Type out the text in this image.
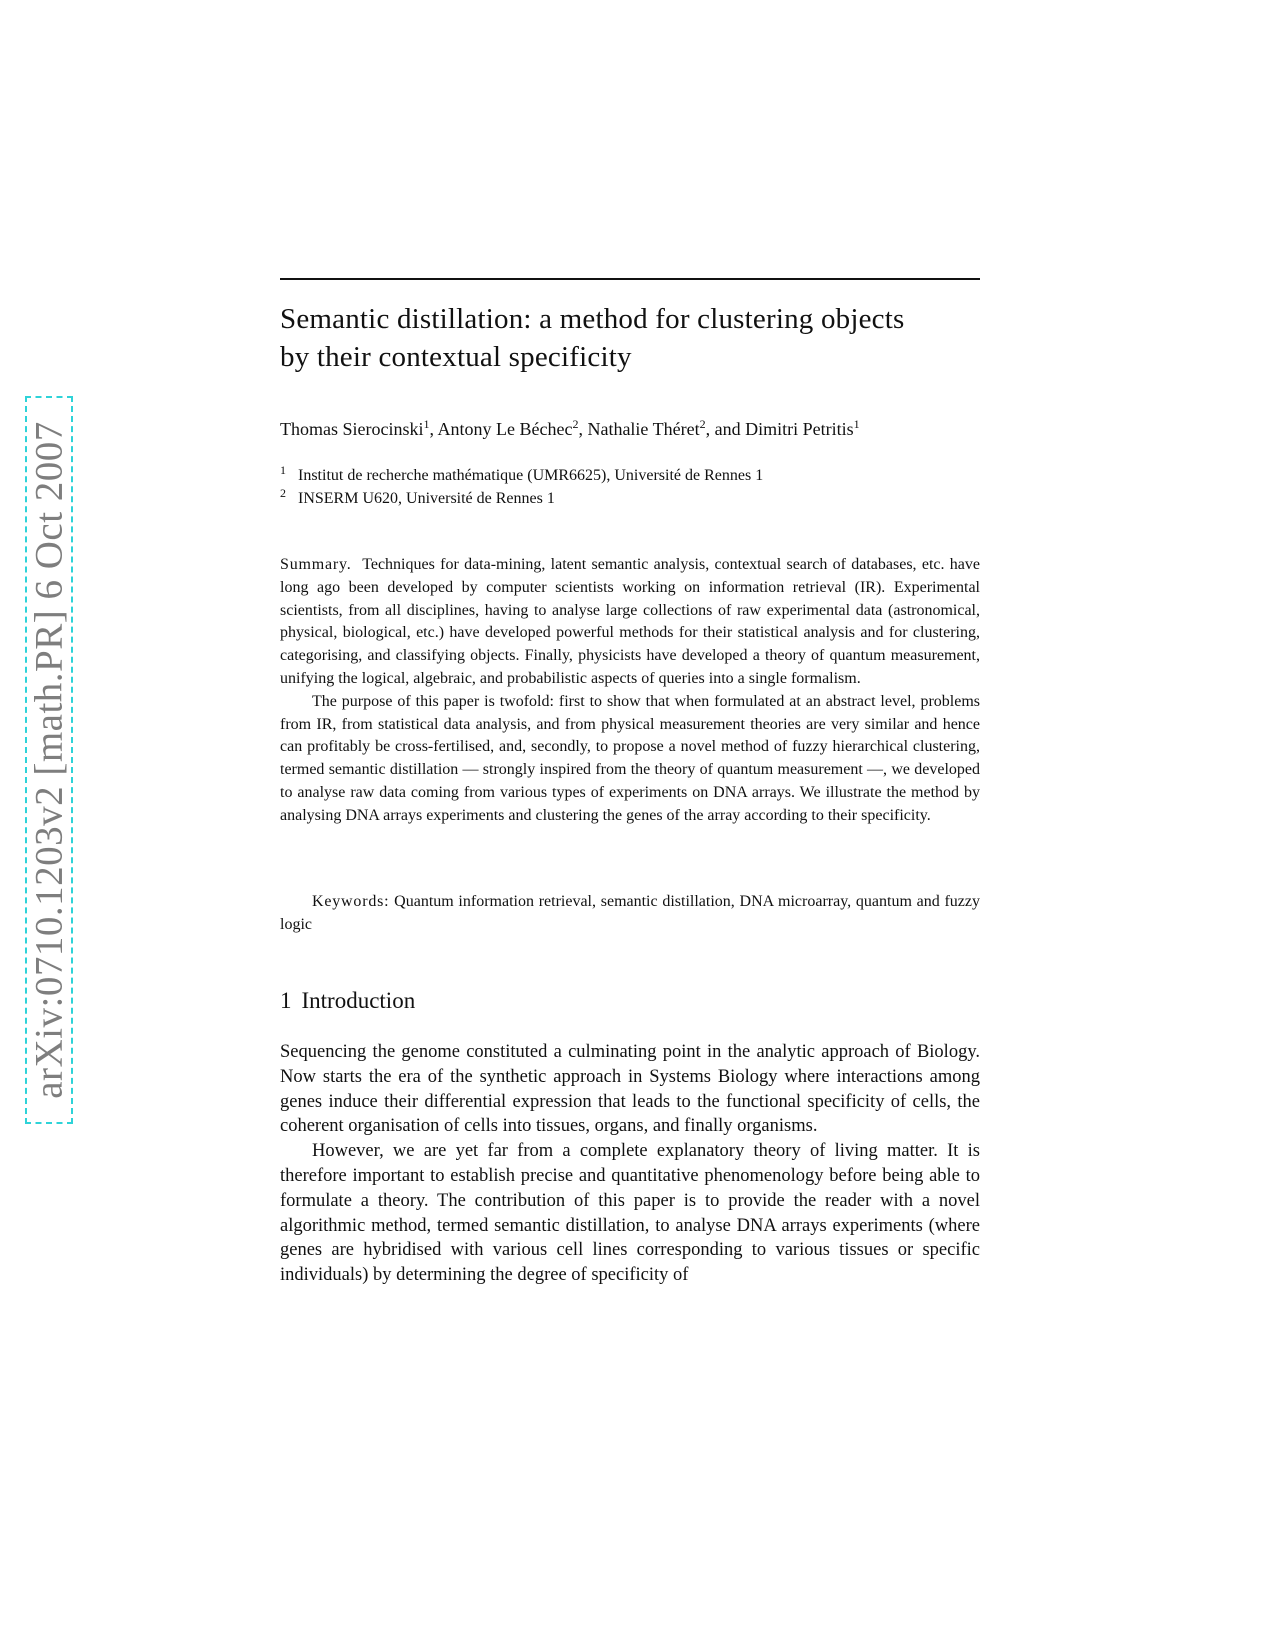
arXiv:0710.1203v2 [math.PR] 6 Oct 2007
Semantic distillation: a method for clustering objects
by their contextual specificity
Thomas Sierocinski$^1$, Antony Le Béchec$^2$, Nathalie Théret$^2$, and Dimitri Petritis$^1$
1 Institut de recherche mathématique (UMR6625), Université de Rennes 1
2 INSERM U620, Université de Rennes 1

Summary. Techniques for data-mining, latent semantic analysis, contextual search of databases, etc. have long ago been developed by computer scientists working on information retrieval (IR). Experimental scientists, from all disciplines, having to analyse large collections of raw experimental data (astronomical, physical, biological, etc.) have developed powerful methods for their statistical analysis and for clustering, categorising, and classifying objects. Finally, physicists have developed a theory of quantum measurement, unifying the logical, algebraic, and probabilistic aspects of queries into a single formalism.

The purpose of this paper is twofold: first to show that when formulated at an abstract level, problems from IR, from statistical data analysis, and from physical measurement theories are very similar and hence can profitably be cross-fertilised, and, secondly, to propose a novel method of fuzzy hierarchical clustering, termed semantic distillation — strongly inspired from the theory of quantum measurement —, we developed to analyse raw data coming from various types of experiments on DNA arrays. We illustrate the method by analysing DNA arrays experiments and clustering the genes of the array according to their specificity.

Keywords: Quantum information retrieval, semantic distillation, DNA microarray, quantum and fuzzy logic
1 Introduction

Sequencing the genome constituted a culminating point in the analytic approach of Biology. Now starts the era of the synthetic approach in Systems Biology where interactions among genes induce their differential expression that leads to the functional specificity of cells, the coherent organisation of cells into tissues, organs, and finally organisms.

However, we are yet far from a complete explanatory theory of living matter. It is therefore important to establish precise and quantitative phenomenology before being able to formulate a theory. The contribution of this paper is to provide the reader with a novel algorithmic method, termed semantic distillation, to analyse DNA arrays experiments (where genes are hybridised with various cell lines corresponding to various tissues or specific individuals) by determining the degree of specificity of
